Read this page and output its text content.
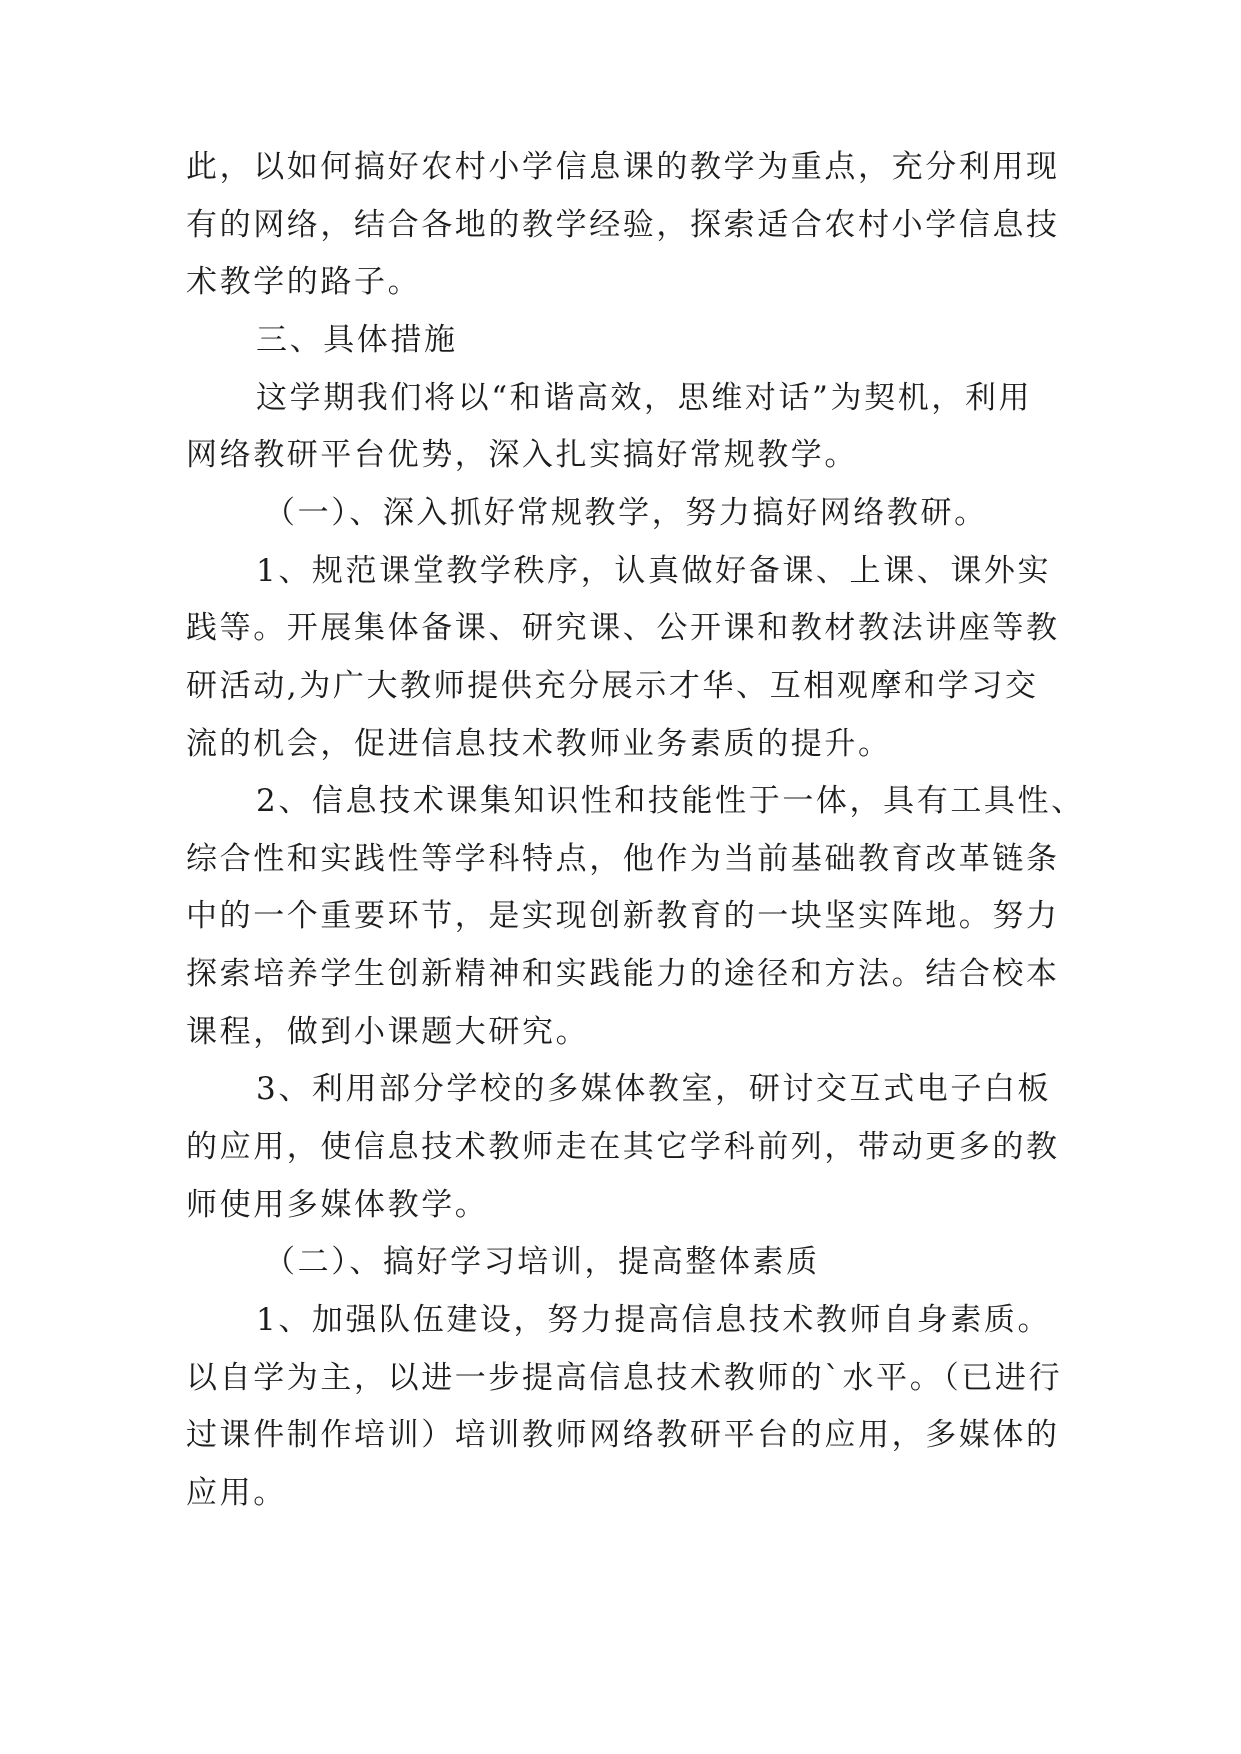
此，以如何搞好农村小学信息课的教学为重点，充分利用现
有的网络，结合各地的教学经验，探索适合农村小学信息技
术教学的路子。
三、具体措施
这学期我们将以“和谐高效，思维对话”为契机，利用
网络教研平台优势，深入扎实搞好常规教学。
（一）、深入抓好常规教学，努力搞好网络教研。
1、规范课堂教学秩序，认真做好备课、上课、课外实
践等。开展集体备课、研究课、公开课和教材教法讲座等教
研活动,为广大教师提供充分展示才华、互相观摩和学习交
流的机会，促进信息技术教师业务素质的提升。
2、信息技术课集知识性和技能性于一体，具有工具性、
综合性和实践性等学科特点，他作为当前基础教育改革链条
中的一个重要环节，是实现创新教育的一块坚实阵地。努力
探索培养学生创新精神和实践能力的途径和方法。结合校本
课程，做到小课题大研究。
3、利用部分学校的多媒体教室，研讨交互式电子白板
的应用，使信息技术教师走在其它学科前列，带动更多的教
师使用多媒体教学。
（二）、搞好学习培训，提高整体素质
1、加强队伍建设，努力提高信息技术教师自身素质。
以自学为主，以进一步提高信息技术教师的`水平。（已进行
过课件制作培训）培训教师网络教研平台的应用，多媒体的
应用。
